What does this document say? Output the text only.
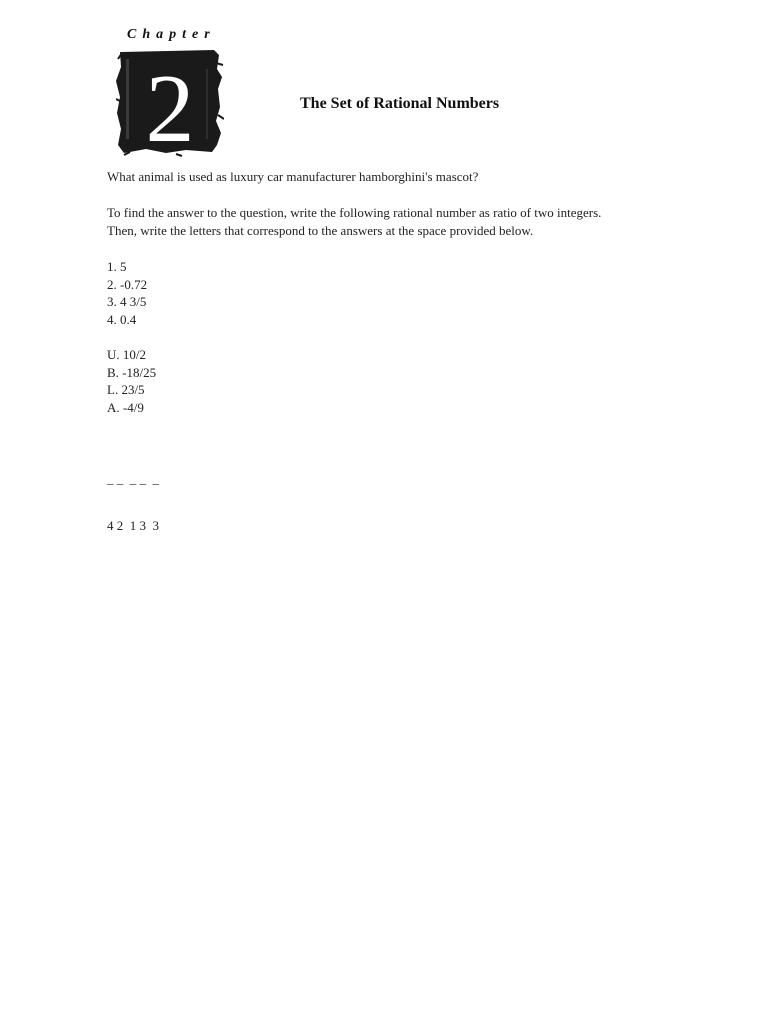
Chapter
2	The Set of Rational Numbers
What animal is used as luxury car manufacturer hamborghini's mascot?
To find the answer to the question, write the following rational number as ratio of two integers.
Then, write the letters that correspond to the answers at the space provided below.
1. 5
2. -0.72
3. 4 3/5
4. 0.4
U. 10/2
B. -18/25
L. 23/5
A. -4/9

_ _  _ _  _

4 2  1 3  3
